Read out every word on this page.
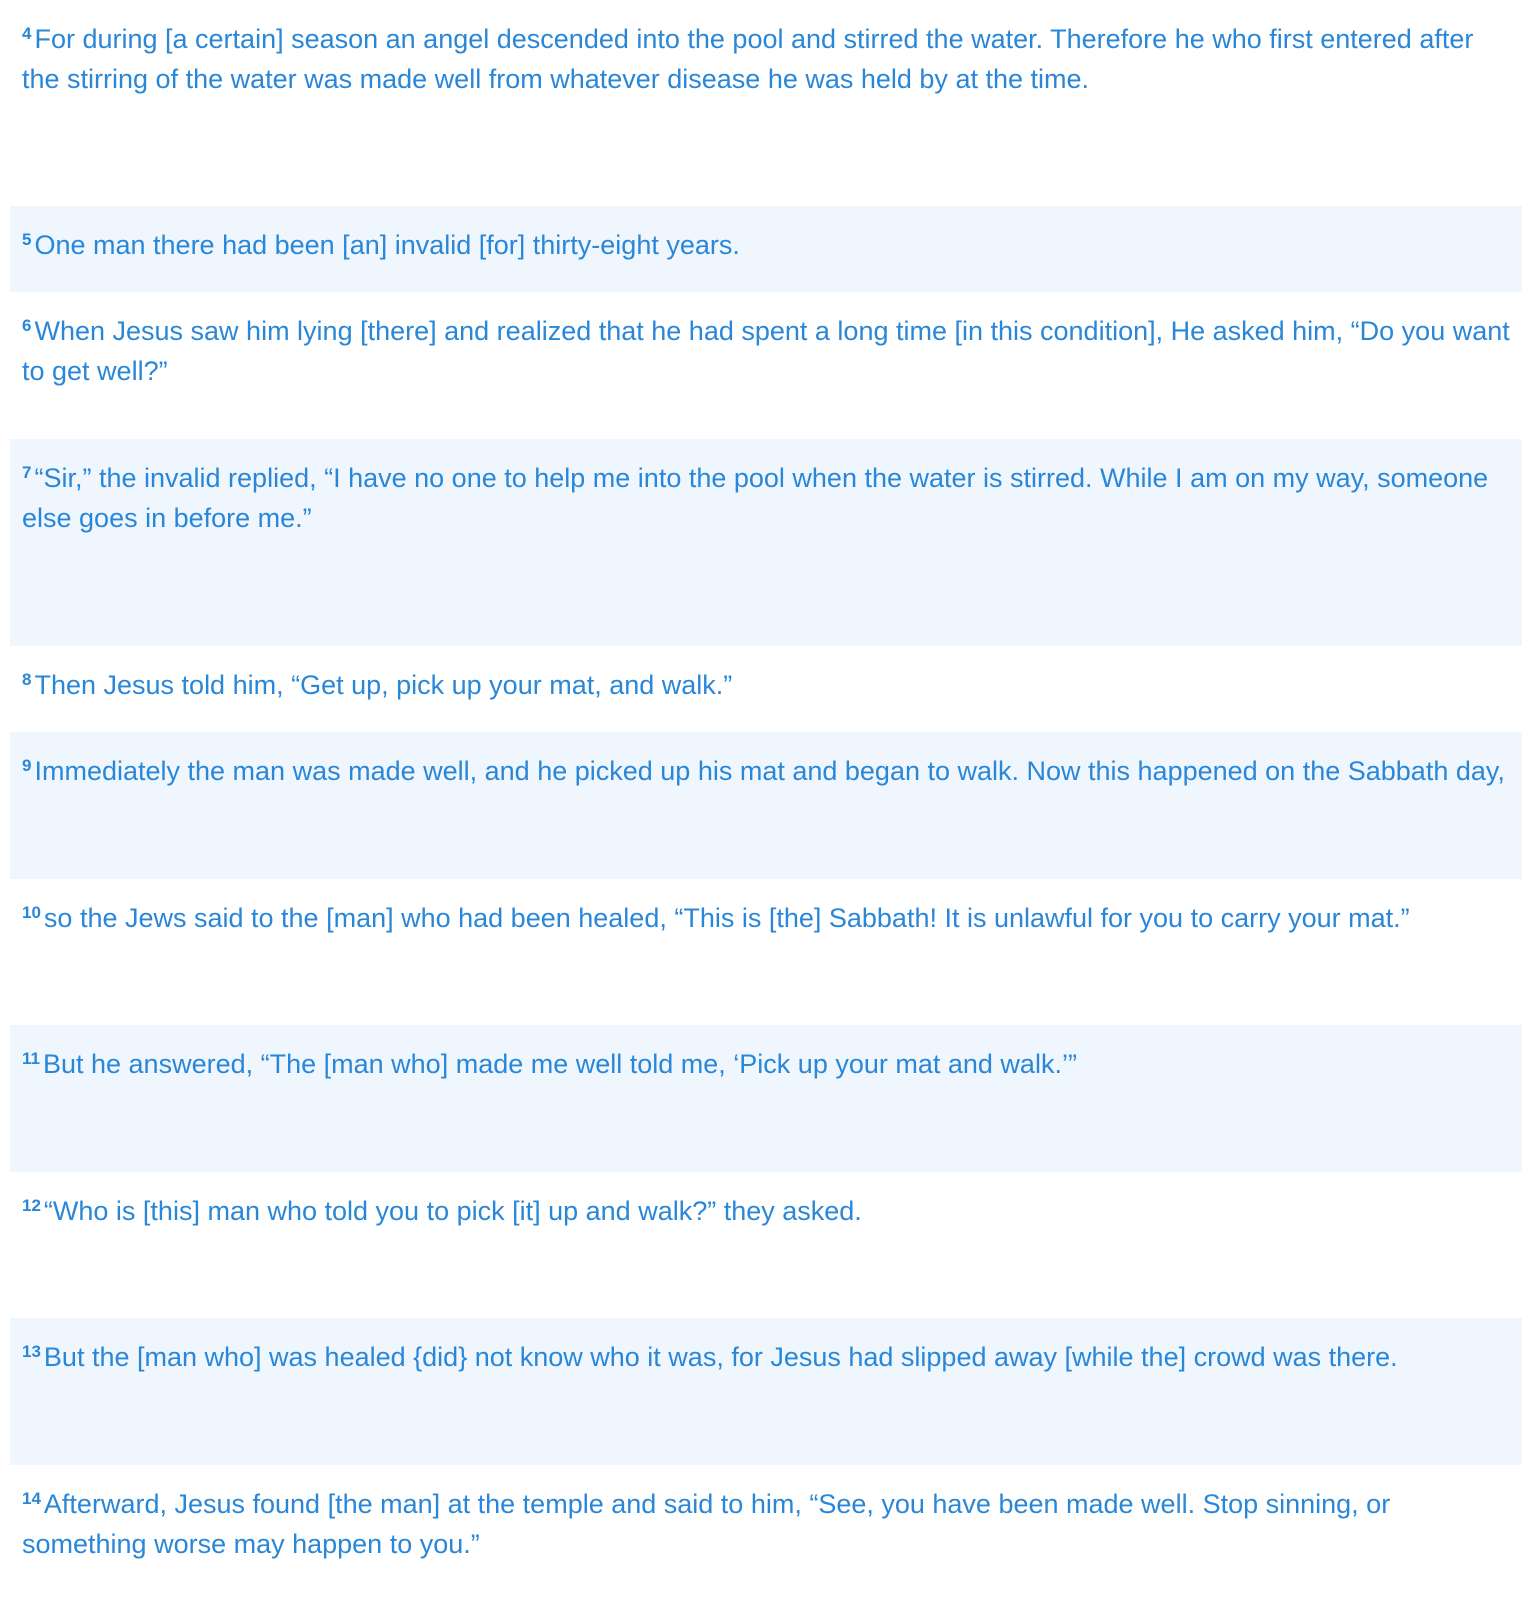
$^4$ For during [a certain] season an angel descended into the pool and stirred the water. Therefore he who first entered after the stirring of the water was made well from whatever disease he was held by at the time.
$^5$ One man there had been [an] invalid [for] thirty-eight years.
$^6$ When Jesus saw him lying [there] and realized that he had spent a long time [in this condition], He asked him, “Do you want to get well?”
$^7$ “Sir,” the invalid replied, “I have no one to help me into the pool when the water is stirred. While I am on my way, someone else goes in before me.”
$^8$ Then Jesus told him, “Get up, pick up your mat, and walk.”
$^9$ Immediately the man was made well, and he picked up his mat and began to walk. Now this happened on the Sabbath day,
$^{10}$ so the Jews said to the [man] who had been healed, “This is [the] Sabbath! It is unlawful for you to carry your mat.”
$^{11}$ But he answered, “The [man who] made me well told me, ‘Pick up your mat and walk.’”
$^{12}$ “Who is [this] man who told you to pick [it] up and walk?” they asked.
$^{13}$ But the [man who] was healed {did} not know who it was, for Jesus had slipped away [while the] crowd was there.
$^{14}$ Afterward, Jesus found [the man] at the temple and said to him, “See, you have been made well. Stop sinning, or something worse may happen to you.”
